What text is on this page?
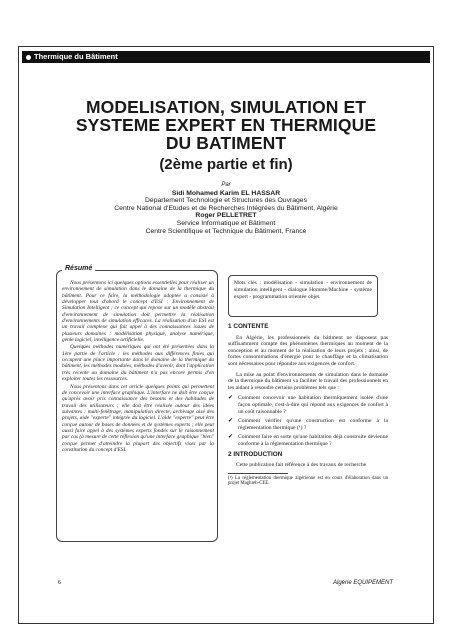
Thermique du Bâtiment
MODELISATION, SIMULATION ET
SYSTEME EXPERT EN THERMIQUE
DU BATIMENT
(2ème partie et fin)
Par
Sidi Mohamed Karim EL HASSAR
Département Technologie et Structures des Ouvrages
Centre National d'Etudes et de Recherches Intégrées du Bâtiment, Algérie
Roger PELLETRET
Service Informatique et Bâtiment
Centre Scientifique et Technique du Bâtiment, France
Résumé

Nous présentons ici quelques options essentielles pour réaliser un environnement de simulation dans le domaine de la thermique du bâtiment. Pour ce faire, la méthodologie adoptée a consisté à développer tout d'abord le concept d'ESI : Environnement de Simulation Intelligent ; ce concept qui repose sur un modèle abstrait d'environnement de simulation doit permettre la réalisation d'environnements de simulation efficaces. La réalisation d'un ESI est un travail complexe qui fait appel à des connaissances issues de plusieurs domaines : modélisation physique, analyse numérique, génie logiciel, intelligence artificielle.

Quelques méthodes numériques qui ont été présentées dans la 1ère partie de l'article : les méthodes aux différences finies qui occupent une place importante dans le domaine de la thermique du bâtiment, les méthodes modales, méthodes d'avenir, dont l'application très récente au domaine du bâtiment n'a pas encore permis d'en exploiter toutes les ressources.

Nous présentons dans cet article quelques points qui permettent de concevoir une interface graphique. L'interface ne doit être conçue qu'après avoir pris connaissance des besoins et des habitudes de travail des utilisateurs ; elle doit être réalisée autour des idées suivantes : multi-fenêtrage, manipulation directe, archivage aisé des projets, aide "experte" intégrée du logiciel. L'aide "experte" peut être conçue autour de bases de données et de systèmes experts ; elle peut aussi faire appel à des systèmes experts fondés sur le raisonnement par cas (à mesure de cette réflexion qu'une interface graphique "bien" conçue permet d'atteindre la plupart des objectifs visés par la constitution du concept d'ESI.

Mots clés : modélisation - simulation - environnement de simulation intelligent - dialogue Homme/Machine - système expert - programmation orientée objet.
1 CONTENTE

En Algérie, les professionnels du bâtiment ne disposent pas suffisamment compte des phénomènes thermiques au moment de la conception et au moment de la réalisation de leurs projets ; ainsi, de fortes consommations d'énergie pour le chauffage et la climatisation sont nécessaires pour répondre aux exigences de confort.

La mise au point d'environnements de simulation dans le domaine de la thermique du bâtiment va faciliter le travail des professionnels en les aidant à résoudre certains problèmes tels que :

✔ Comment concevoir une habitation thermiquement isolée d'une façon optimale, c'est-à-dire qui répond aux exigences de confort à un coût raisonnable ?
✔ Comment vérifier qu'une construction est conforme à la réglementation thermique (¹) ?
✔ Comment faire en sorte qu'une habitation déjà construite devienne conforme à la réglementation thermique ?
2 INTRODUCTION

Cette publication fait référence à des travaux de recherche

(¹) La réglementation thermique algérienne est en cours d'élaboration dans un projet Maghreb-CEE.

6	Algérie EQUIPEMENT
